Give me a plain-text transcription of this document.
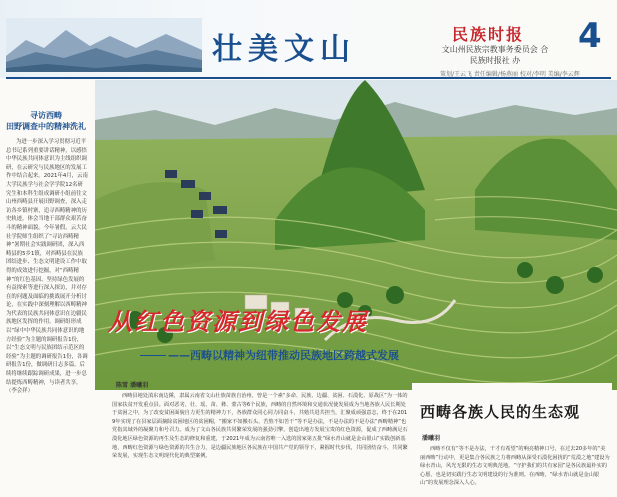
壮美文山	民族时报 4
文山州民族宗教事务委员会 合
民族时报社 办
策划/王云飞 责任编辑/杨燕丽 校对/李明 美编/李云辉
寻访西畴
田野调查中的精神洗礼
为进一步深入学习贯彻习近平总书记系列重要讲话精神，以感悟中华民族共同体意识为主线组织调研，在云研究与民族地区的发展工作中结合起来。2021年4月，云南大学民族学与社会学学院12名研究生和本科生组成调研小组前往文山州西畴县开展田野调查，深入走访各乡镇村寨，追寻西畴精神的历史轨迹，体会当地干部群众艰苦奋斗的精神面貌。今年暑假，云大民社学院师生组织了“寻访西畴精神”暑期社会实践调研团，深入西畴县的5乡1镇，对西畴县在民族团结进步、生态文明建设工作中取得的成效进行挖掘，对“西畴精神”的红色基因、坚持绿色发展的有益探索等进行深入探访，并对存在的问题及面临的挑战展开分析讨论，在实践中深刻理解以西畴精神为代表的民族共同体意识在边疆民族地区发挥的作用。调研组形成以“绿中中华民族共同体意识的地方经验”为主题的调研报告1份，以“生态文明与民族团结示范区的经验”为主题的调研报告1份，各调研报告1份，做调研日志多篇。后续将继续跟踪调研成果，进一步总结提炼西畴精神，与读者共享。（李会祥）
从红色资源到绿色发展
——西畴以精神为纽带推动民族地区跨越式发展
陈雪 潘曦羽
西畴县地处滇东南边陲，隶属云南省文山壮族苗族自治州，曾是一个素“多命、民族、边疆、贫困、石漠化、原战区”为一体的国家扶贫开发重点县。面对恶劣、壮、瑶、苗、彝、蒙古等6个民族，西畴的自然环境和交通状况使发展成为当地各族人民长期处于贫困之中，为了改变贫困面貌自力更生的精神力下，各族群众同心同力同奋斗，共勉共进共担当，汇聚成顽强意志，终于在2019年实现了在县家层面摘除贫困地区的贫困帽，“搬家不如搬石头、苦熬不如苦干”等不是办法，不是办法的不是办法“西畴精神”也党指其域外的凝聚力和号召力。成为了文山各民族共同繁荣发展的强劲引擎，创造出地方发展宝贵的红色资源，促成了西畴满足石漠化地区绿色资源的再生及生态的修复和重建，于2021年成为云南省唯一入选的国家第五批“绿水青山就是金山银山”实践创新基地，西畴红色资源与绿色资源的共生合力，是边疆民族地区各民族在中国共产党的领导下，紧握时代步伐，共同团结奋斗，共同繁荣发展，实现生态文明现代化的典型案例。
西畴各族人民的生态观
潘曦羽
西畴不仅有“等不是办法，干才有希望”的响亮精神口号，在过去20多年的“美丽西畴”行动中，更是集合各民族之力将西畴从深受石漠化困扰的“荒漠之地”建设为绿水青山，风光无限的生态文明典范地。“守护我们的共有家园”是各民族最朴实的心愿，也是切实践行生态文明建设的行为准则。在西畴，“绿水青山就是金山银山”的发展理念深入人心。
